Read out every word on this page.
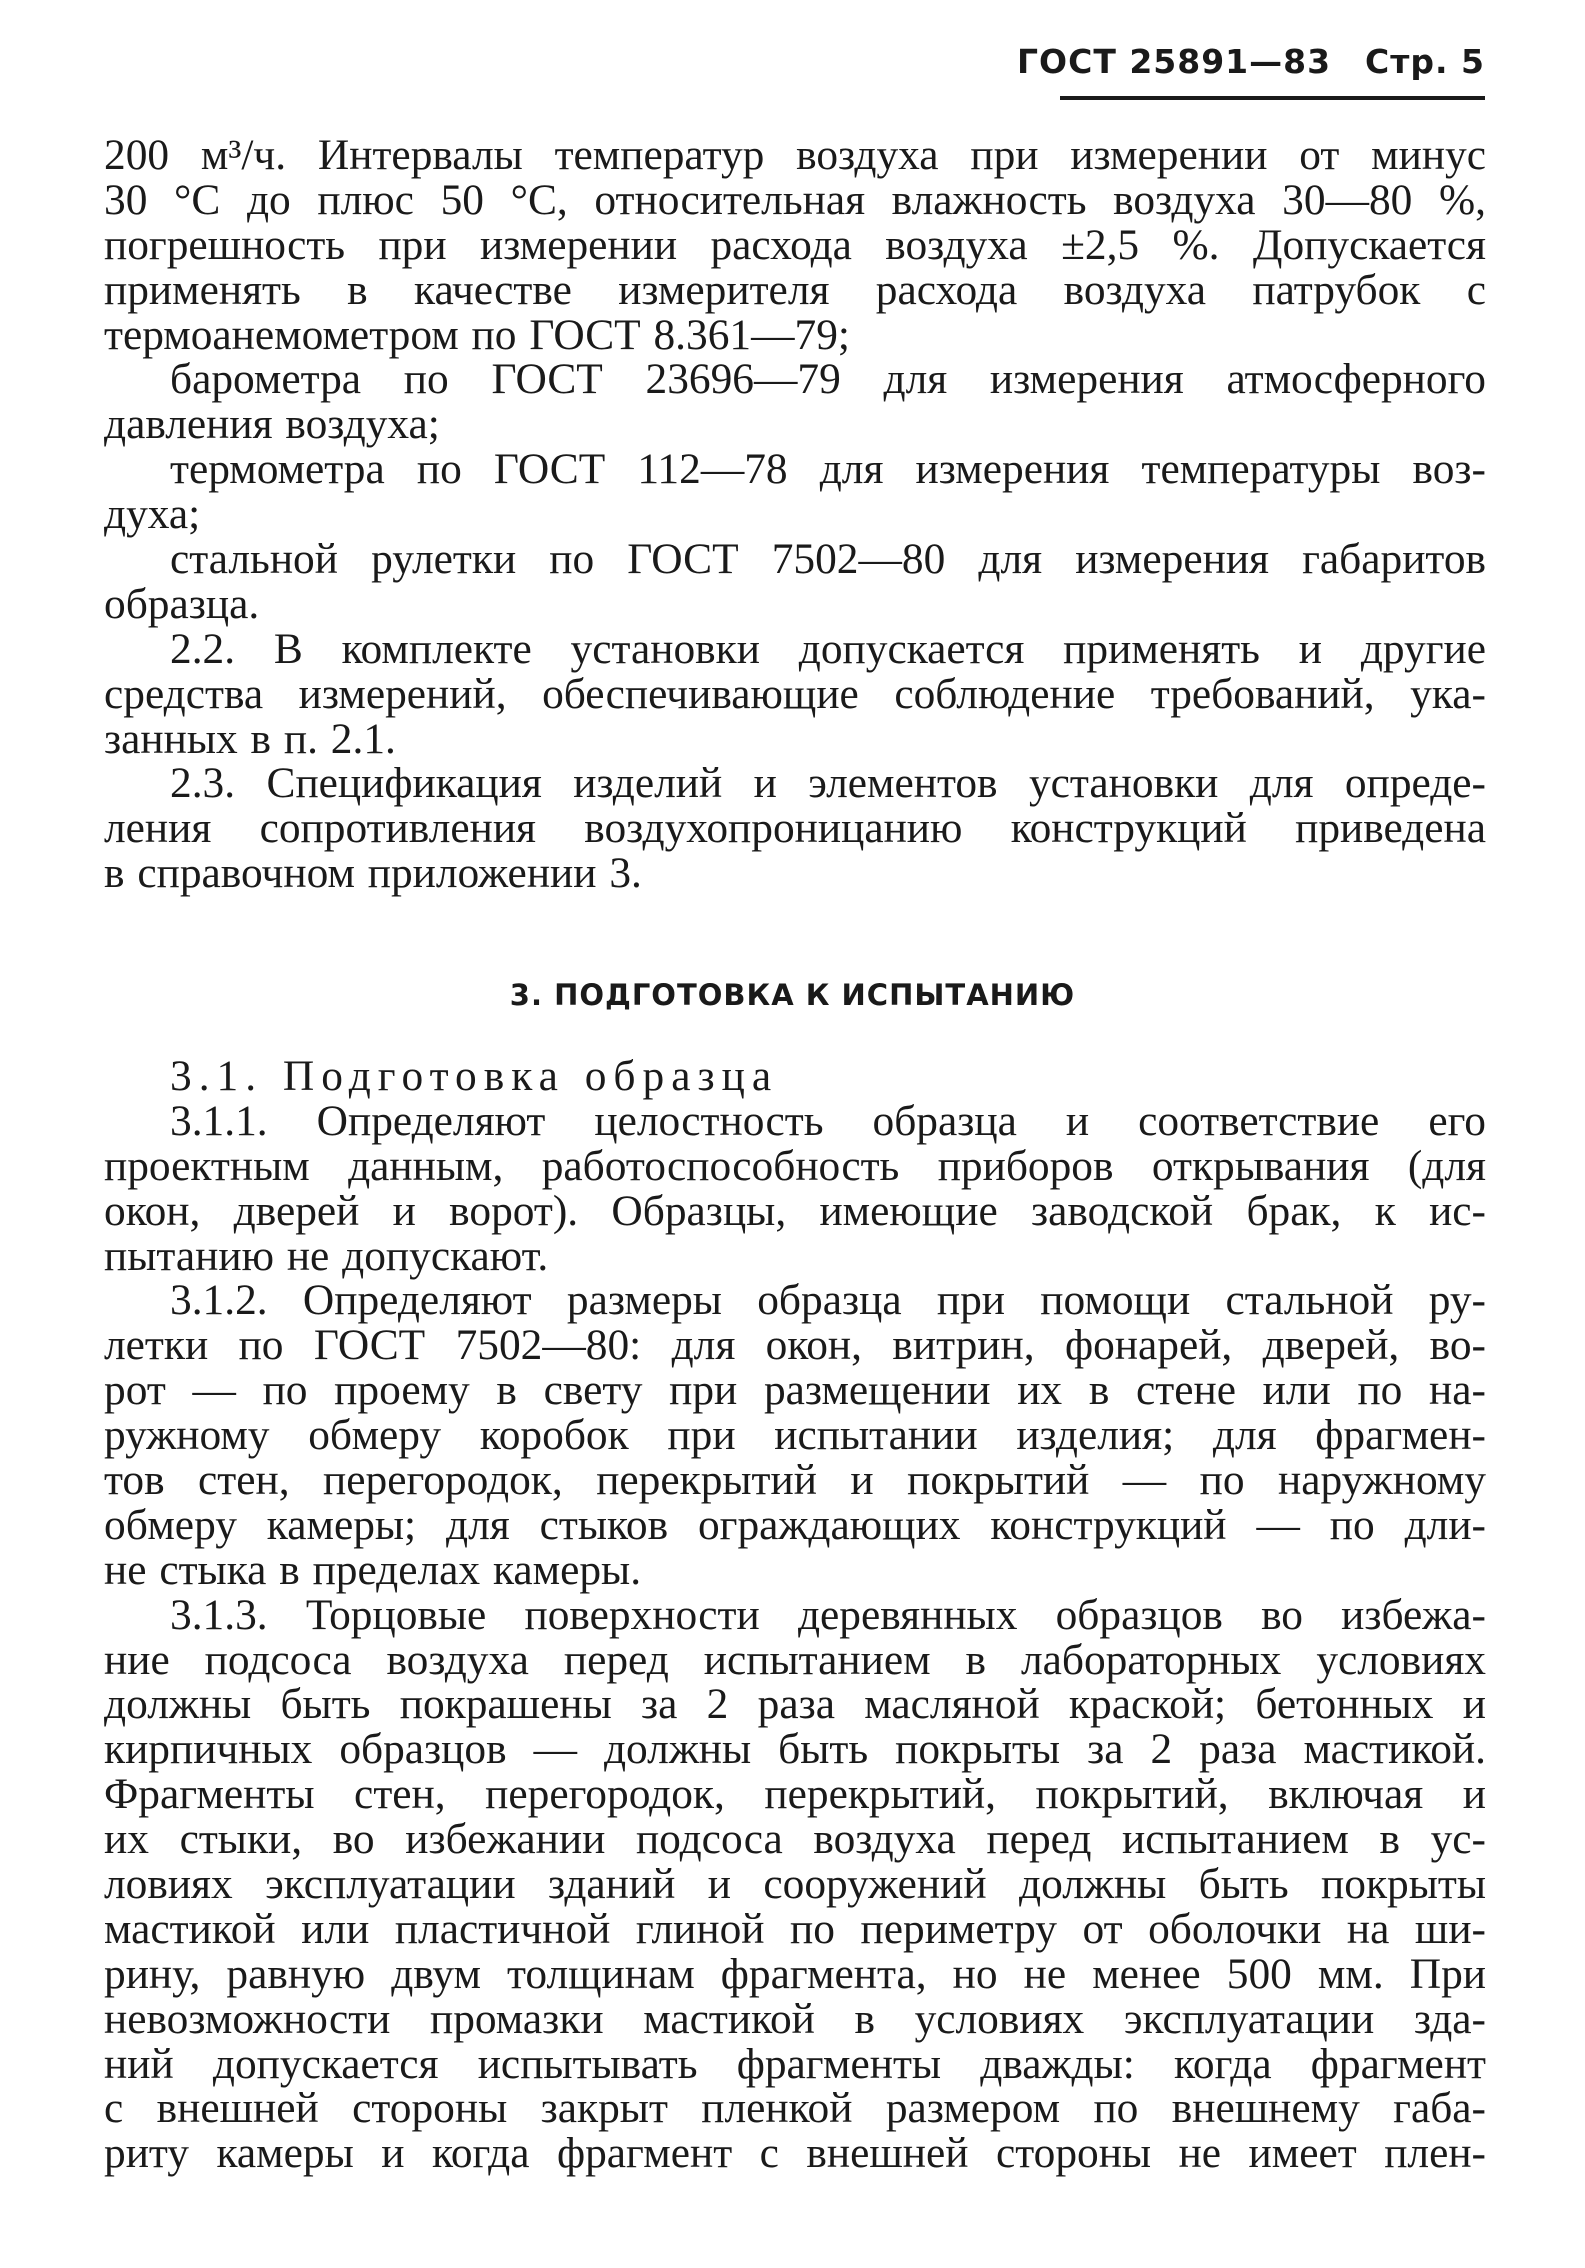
ГОСТ 25891—83 Стр. 5
200 м³/ч. Интервалы температур воздуха при измерении от минус
30 °С до плюс 50 °С, относительная влажность воздуха 30—80 %,
погрешность при измерении расхода воздуха ±2,5 %. Допускается
применять в качестве измерителя расхода воздуха патрубок с
термоанемометром по ГОСТ 8.361—79;
барометра по ГОСТ 23696—79 для измерения атмосферного
давления воздуха;
термометра по ГОСТ 112—78 для измерения температуры воз-
духа;
стальной рулетки по ГОСТ 7502—80 для измерения габаритов
образца.
2.2. В комплекте установки допускается применять и другие
средства измерений, обеспечивающие соблюдение требований, ука-
занных в п. 2.1.
2.3. Спецификация изделий и элементов установки для опреде-
ления сопротивления воздухопроницанию конструкций приведена
в справочном приложении 3.
3. ПОДГОТОВКА К ИСПЫТАНИЮ
3.1. Подготовка образца
3.1.1. Определяют целостность образца и соответствие его
проектным данным, работоспособность приборов открывания (для
окон, дверей и ворот). Образцы, имеющие заводской брак, к ис-
пытанию не допускают.
3.1.2. Определяют размеры образца при помощи стальной ру-
летки по ГОСТ 7502—80: для окон, витрин, фонарей, дверей, во-
рот — по проему в свету при размещении их в стене или по на-
ружному обмеру коробок при испытании изделия; для фрагмен-
тов стен, перегородок, перекрытий и покрытий — по наружному
обмеру камеры; для стыков ограждающих конструкций — по дли-
не стыка в пределах камеры.
3.1.3. Торцовые поверхности деревянных образцов во избежа-
ние подсоса воздуха перед испытанием в лабораторных условиях
должны быть покрашены за 2 раза масляной краской; бетонных и
кирпичных образцов — должны быть покрыты за 2 раза мастикой.
Фрагменты стен, перегородок, перекрытий, покрытий, включая и
их стыки, во избежании подсоса воздуха перед испытанием в ус-
ловиях эксплуатации зданий и сооружений должны быть покрыты
мастикой или пластичной глиной по периметру от оболочки на ши-
рину, равную двум толщинам фрагмента, но не менее 500 мм. При
невозможности промазки мастикой в условиях эксплуатации зда-
ний допускается испытывать фрагменты дважды: когда фрагмент
с внешней стороны закрыт пленкой размером по внешнему габа-
риту камеры и когда фрагмент с внешней стороны не имеет плен-
